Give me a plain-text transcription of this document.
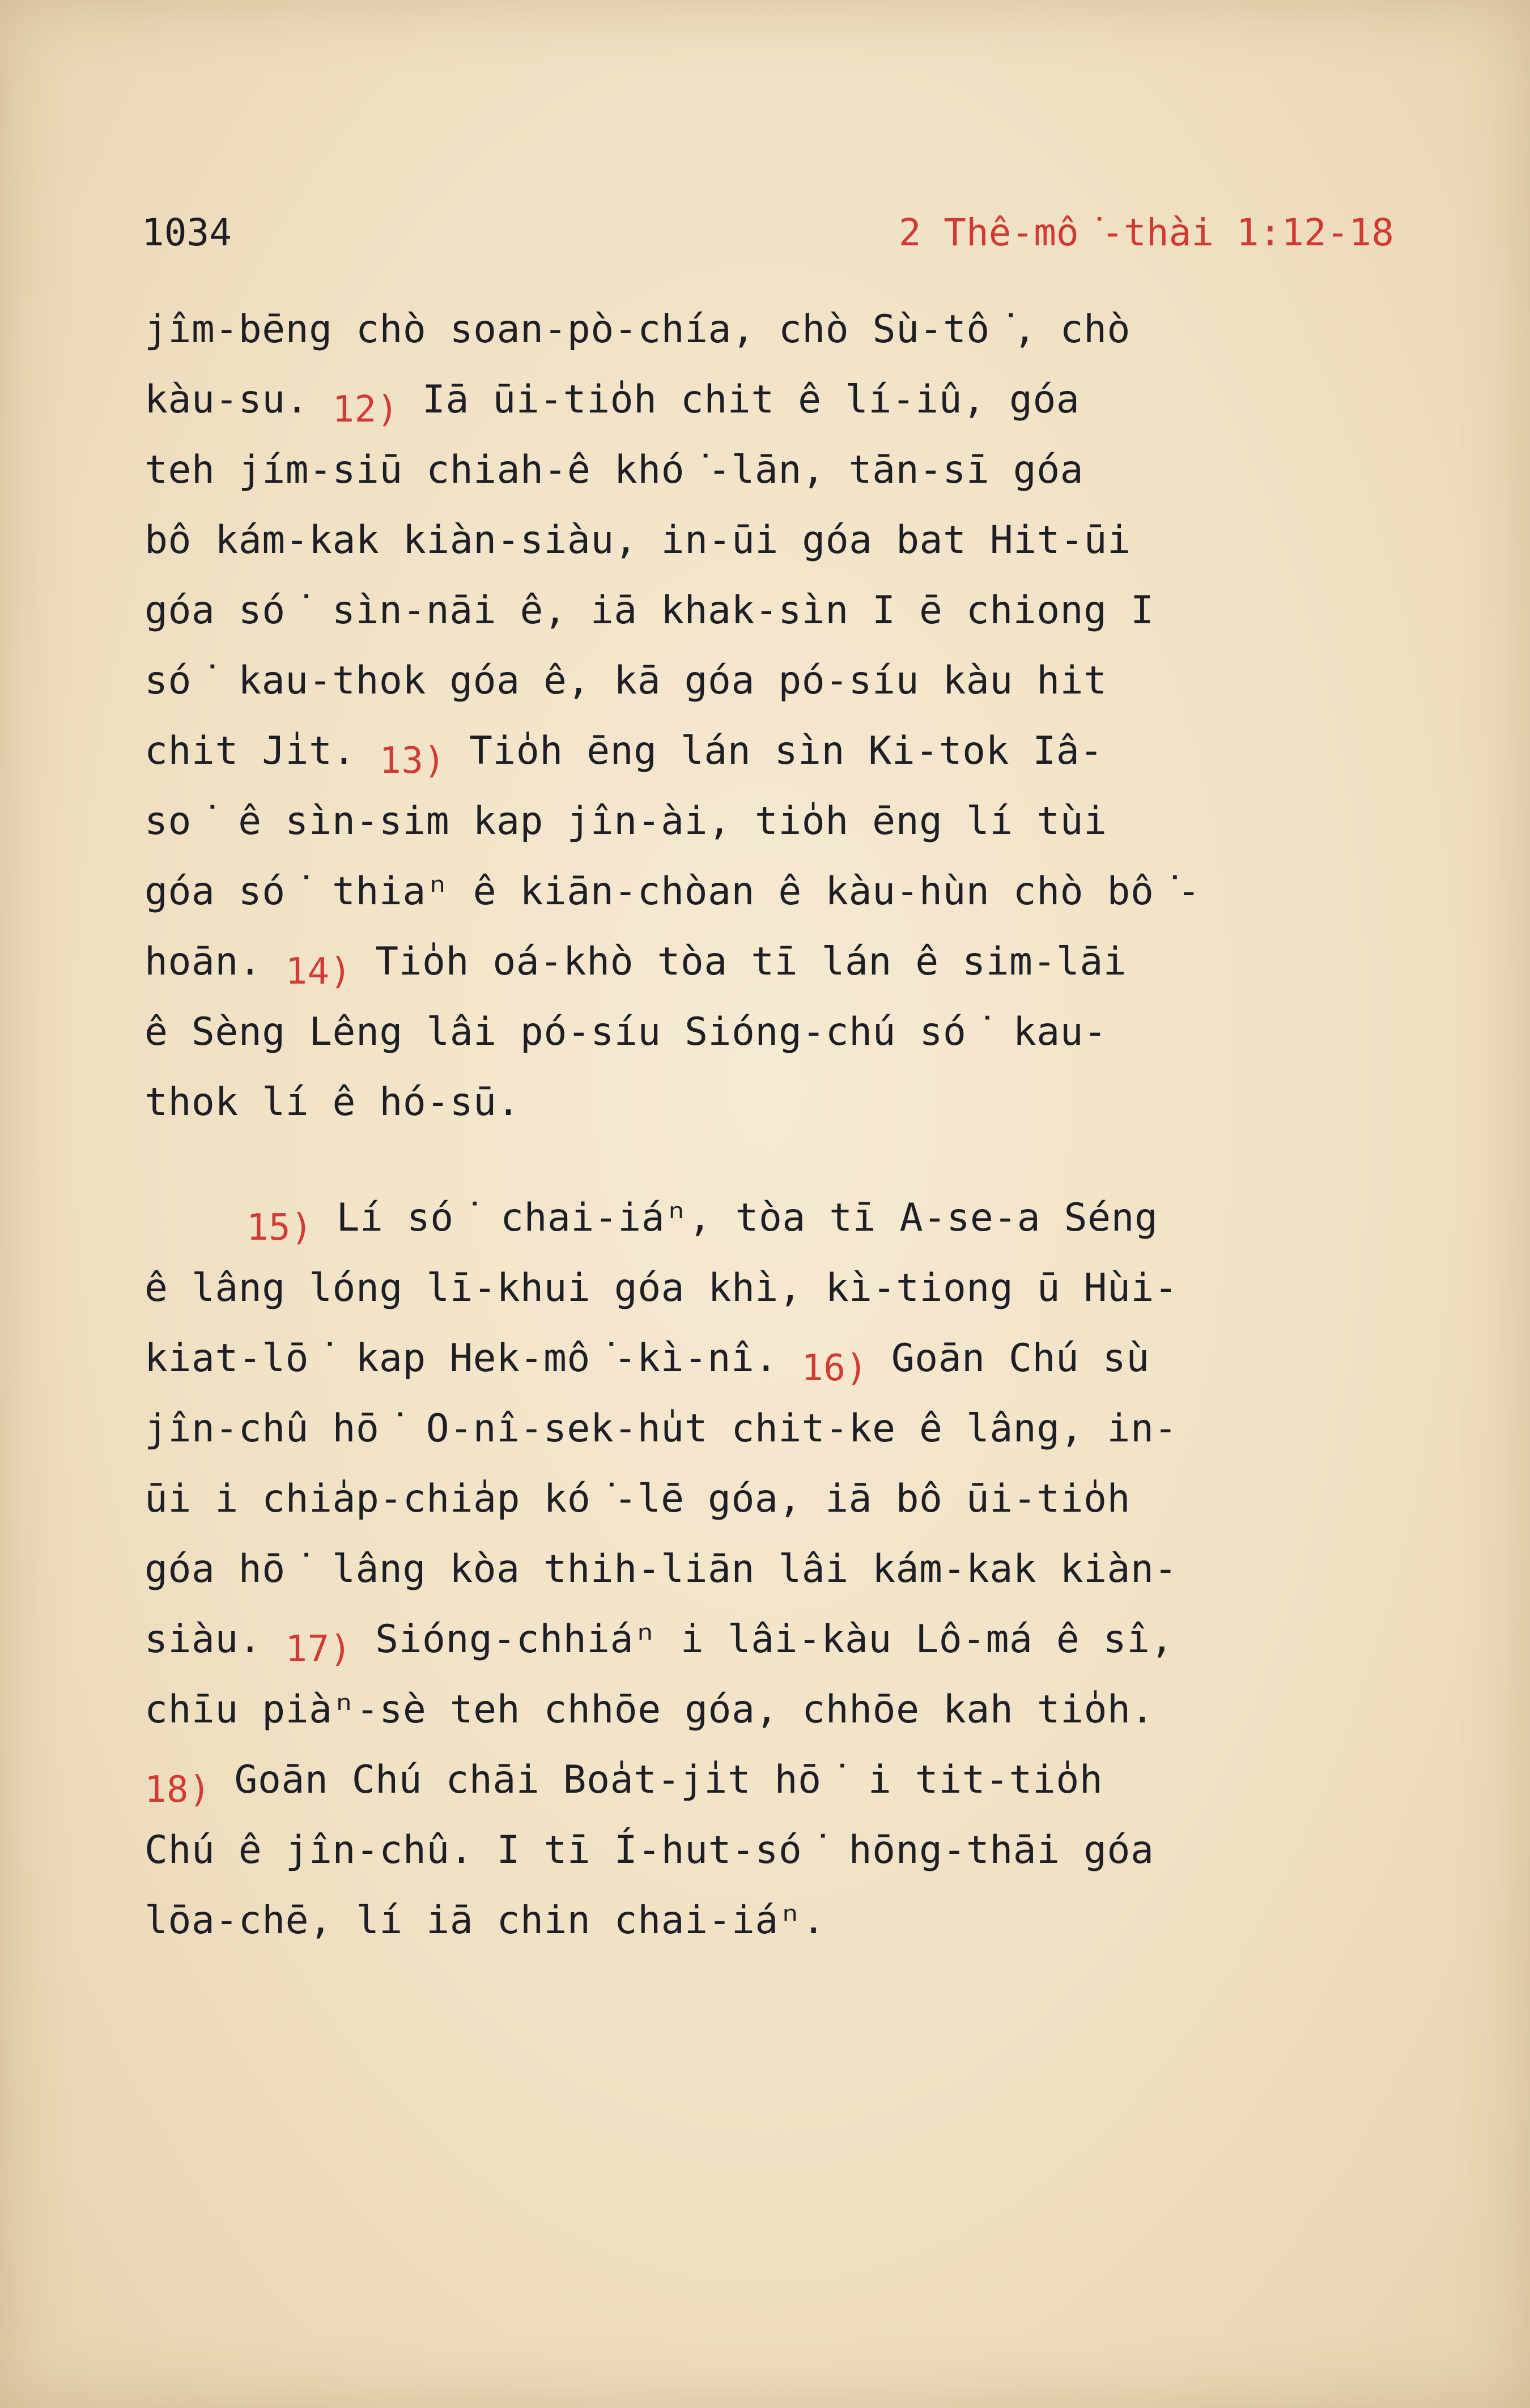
1034	2 Thê-mô͘-thài 1:12-18
jîm-bēng chò soan-pò-chía, chò Sù-tô͘, chò
kàu-su. 12) Iā ūi-tio̍h chit ê lí-iû, góa
teh jím-siū chiah-ê khó͘-lān, tān-sī góa
bô kám-kak kiàn-siàu, in-ūi góa bat Hit-ūi
góa só͘ sìn-nāi ê, iā khak-sìn I ē chiong I
só͘ kau-thok góa ê, kā góa pó-síu kàu hit
chit Ji̍t. 13) Tio̍h ēng lán sìn Ki-tok Iâ-
so͘ ê sìn-sim kap jîn-ài, tio̍h ēng lí tùi
góa só͘ thiaⁿ ê kiān-chòan ê kàu-hùn chò bô͘-
hoān. 14) Tio̍h oá-khò tòa tī lán ê sim-lāi
ê Sèng Lêng lâi pó-síu Sióng-chú só͘ kau-
thok lí ê hó-sū.
15) Lí só͘ chai-iáⁿ, tòa tī A-se-a Séng
ê lâng lóng lī-khui góa khì, kì-tiong ū Hùi-
kiat-lō͘ kap Hek-mô͘-kì-nî. 16) Goān Chú sù
jîn-chû hō͘ O-nî-sek-hu̍t chit-ke ê lâng, in-
ūi i chia̍p-chia̍p kó͘-lē góa, iā bô ūi-tio̍h
góa hō͘ lâng kòa thih-liān lâi kám-kak kiàn-
siàu. 17) Sióng-chhiáⁿ i lâi-kàu Lô-má ê sî,
chīu piàⁿ-sè teh chhōe góa, chhōe kah tio̍h.
18) Goān Chú chāi Boa̍t-ji̍t hō͘ i tit-tio̍h
Chú ê jîn-chû. I tī Í-hut-só͘ hōng-thāi góa
lōa-chē, lí iā chin chai-iáⁿ.
